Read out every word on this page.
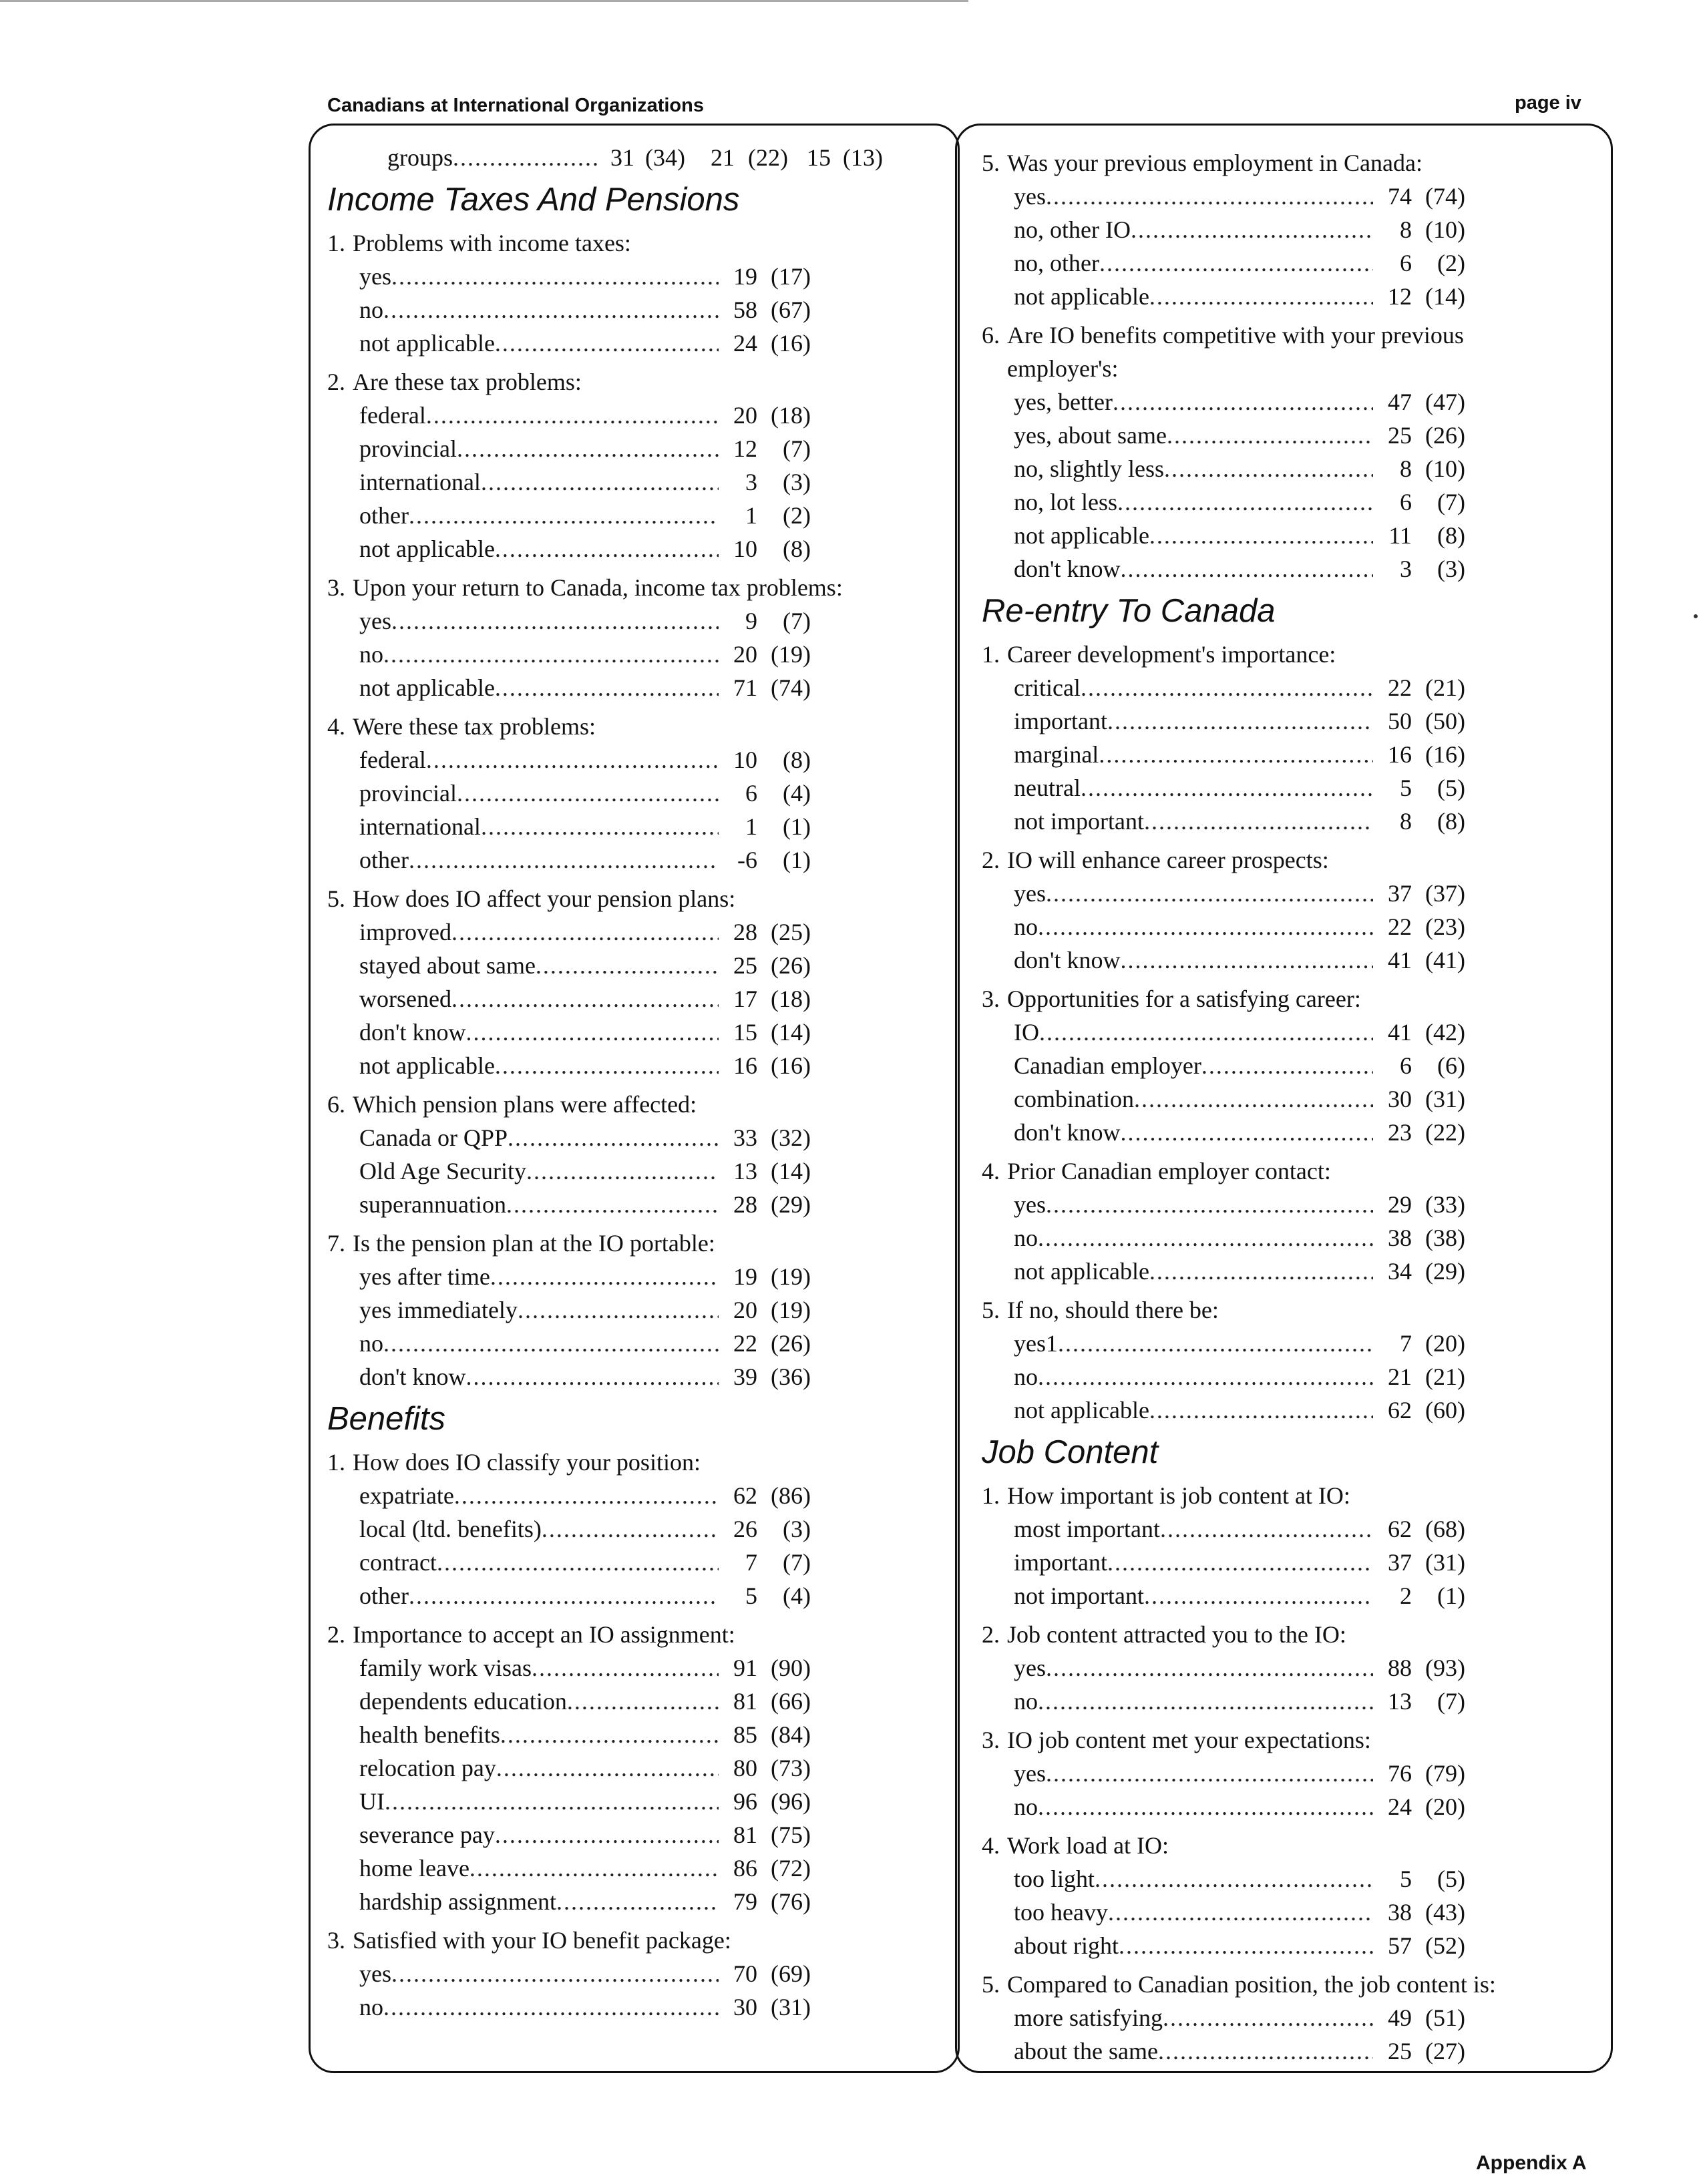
Canadians at International Organizations	page iv
groups .....	31 (34)	21 (22) 15 (13)
Income Taxes And Pensions
1. Problems with income taxes:
yes .....	19 (17)
no .....	58 (67)
not applicable .....	24 (16)
2. Are these tax problems:
federal .....	20 (18)
provincial .....	12	(7)
international .....	3	(3)
other .....	1	(2)
not applicable .....	10	(8)
3. Upon your return to Canada, income tax problems:
yes .....	9	(7)
no .....	20 (19)
not applicable .....	71 (74)
4. Were these tax problems:
federal .....	10	(8)
provincial .....	6	(4)
international .....	1	(1)
other .....	-6	(1)
5. How does IO affect your pension plans:
improved .....	28 (25)
stayed about same .....	25 (26)
worsened .....	17 (18)
don't know .....	15 (14)
not applicable .....	16 (16)
6. Which pension plans were affected:
Canada or QPP .....	33 (32)
Old Age Security .....	13 (14)
superannuation .....	28 (29)
7. Is the pension plan at the IO portable:
yes after time .....	19 (19)
yes immediately .....	20 (19)
no .....	22 (26)
don't know .....	39 (36)
Benefits
1. How does IO classify your position:
expatriate .....	62 (86)
local (ltd. benefits) .....	26	(3)
contract .....	7	(7)
other .....	5	(4)
2. Importance to accept an IO assignment:
family work visas .....	91 (90)
dependents education .....	81 (66)
health benefits .....	85 (84)
relocation pay .....	80 (73)
UI .....	96 (96)
severance pay .....	81 (75)
home leave .....	86 (72)
hardship assignment .....	79 (76)
3. Satisfied with your IO benefit package:
yes .....	70 (69)
no .....	30 (31)
5. Was your previous employment in Canada:
yes .....	74 (74)
no, other IO .....	8 (10)
no, other .....	6	(2)
not applicable .....	12 (14)
6. Are IO benefits competitive with your previous
employer's:
yes, better .....	47 (47)
yes, about same .....	25 (26)
no, slightly less .....	8 (10)
no, lot less .....	6	(7)
not applicable .....	11	(8)
don't know .....	3	(3)
Re-entry To Canada
1. Career development's importance:
critical .....	22 (21)
important .....	50 (50)
marginal .....	16 (16)
neutral .....	5	(5)
not important .....	8	(8)
2. IO will enhance career prospects:
yes .....	37 (37)
no .....	22 (23)
don't know .....	41 (41)
3. Opportunities for a satisfying career:
IO .....	41 (42)
Canadian employer .....	6	(6)
combination .....	30 (31)
don't know .....	23 (22)
4. Prior Canadian employer contact:
yes .....	29 (33)
no .....	38 (38)
not applicable .....	34 (29)
5. If no, should there be:
yes1 .....	7 (20)
no .....	21 (21)
not applicable .....	62 (60)
Job Content
1. How important is job content at IO:
most important .....	62 (68)
important .....	37 (31)
not important .....	2	(1)
2. Job content attracted you to the IO:
yes .....	88 (93)
no .....	13	(7)
3. IO job content met your expectations:
yes .....	76 (79)
no .....	24 (20)
4. Work load at IO:
too light .....	5	(5)
too heavy .....	38 (43)
about right .....	57 (52)
5. Compared to Canadian position, the job content is:
more satisfying .....	49 (51)
about the same .....	25 (27)
Appendix A
